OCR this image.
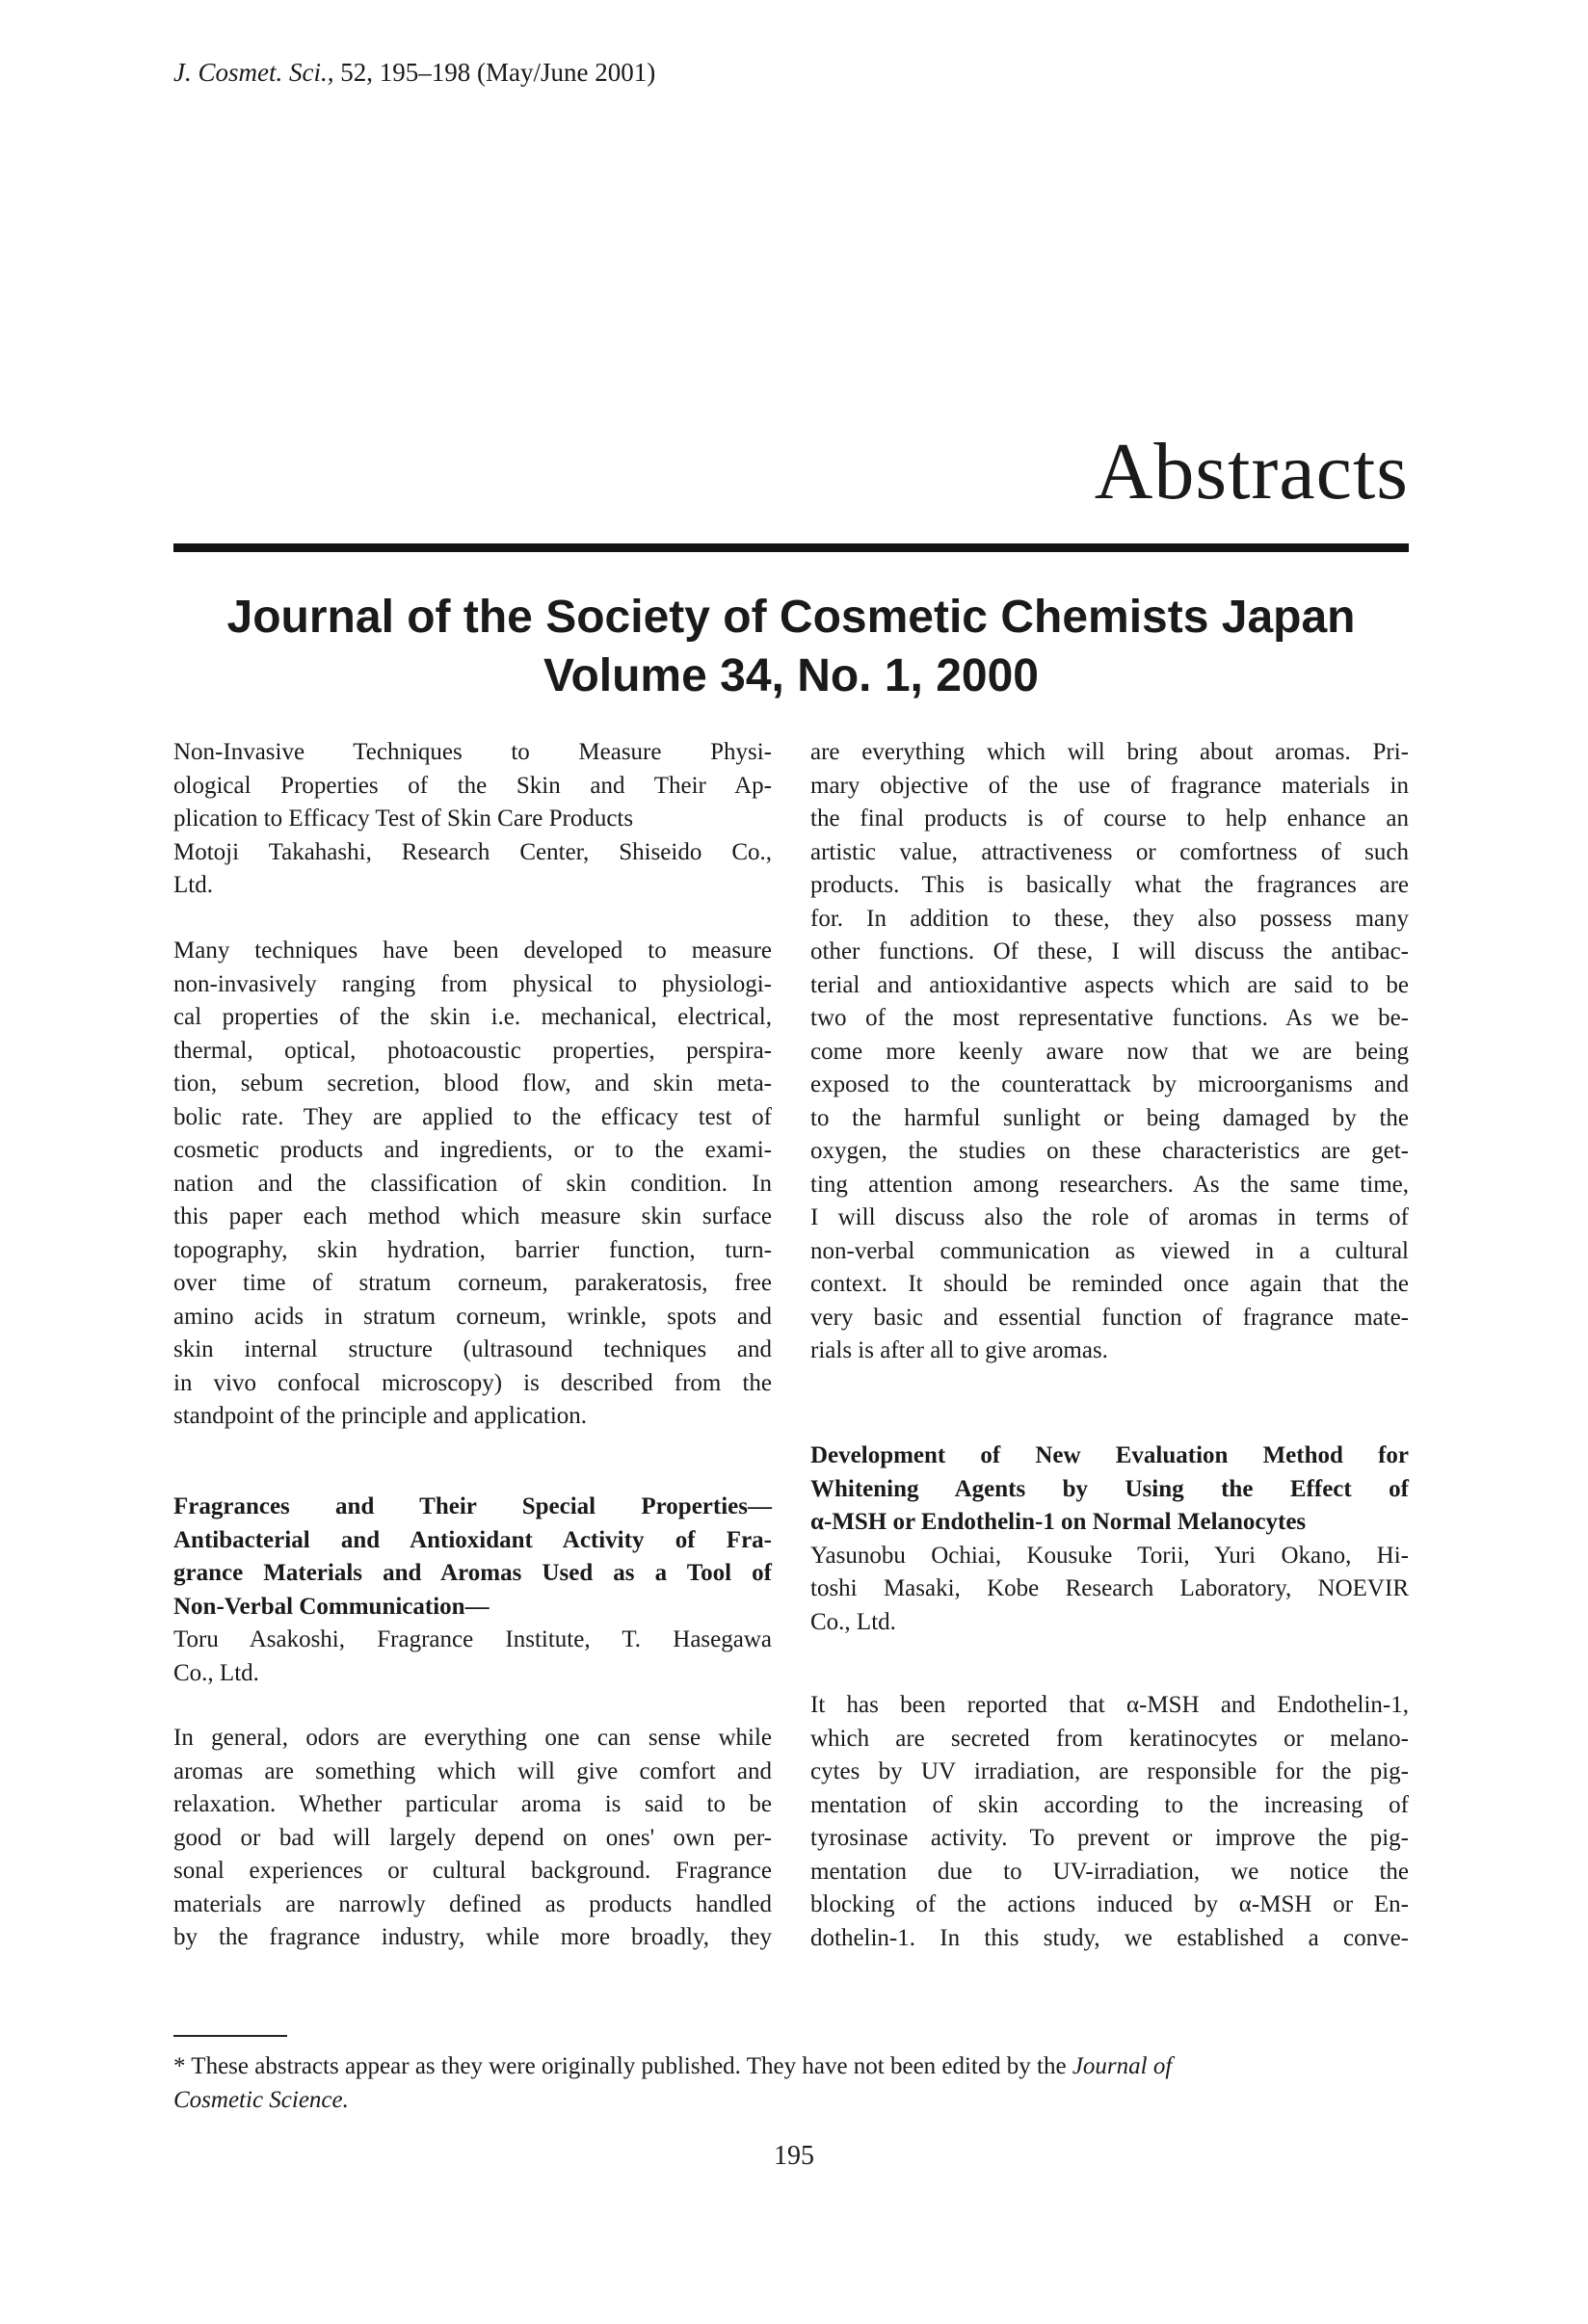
J. Cosmet. Sci., 52, 195–198 (May/June 2001)
Abstracts
Journal of the Society of Cosmetic Chemists Japan
Volume 34, No. 1, 2000
Non-Invasive Techniques to Measure Physi-
ological Properties of the Skin and Their Ap-
plication to Efficacy Test of Skin Care Products
Motoji Takahashi, Research Center, Shiseido Co.,
Ltd.
Many techniques have been developed to measure
non-invasively ranging from physical to physiologi-
cal properties of the skin i.e. mechanical, electrical,
thermal, optical, photoacoustic properties, perspira-
tion, sebum secretion, blood flow, and skin meta-
bolic rate. They are applied to the efficacy test of
cosmetic products and ingredients, or to the exami-
nation and the classification of skin condition. In
this paper each method which measure skin surface
topography, skin hydration, barrier function, turn-
over time of stratum corneum, parakeratosis, free
amino acids in stratum corneum, wrinkle, spots and
skin internal structure (ultrasound techniques and
in vivo confocal microscopy) is described from the
standpoint of the principle and application.
Fragrances and Their Special Properties—
Antibacterial and Antioxidant Activity of Fra-
grance Materials and Aromas Used as a Tool of
Non-Verbal Communication—
Toru Asakoshi, Fragrance Institute, T. Hasegawa
Co., Ltd.
In general, odors are everything one can sense while
aromas are something which will give comfort and
relaxation. Whether particular aroma is said to be
good or bad will largely depend on ones' own per-
sonal experiences or cultural background. Fragrance
materials are narrowly defined as products handled
by the fragrance industry, while more broadly, they
are everything which will bring about aromas. Pri-
mary objective of the use of fragrance materials in
the final products is of course to help enhance an
artistic value, attractiveness or comfortness of such
products. This is basically what the fragrances are
for. In addition to these, they also possess many
other functions. Of these, I will discuss the antibac-
terial and antioxidantive aspects which are said to be
two of the most representative functions. As we be-
come more keenly aware now that we are being
exposed to the counterattack by microorganisms and
to the harmful sunlight or being damaged by the
oxygen, the studies on these characteristics are get-
ting attention among researchers. As the same time,
I will discuss also the role of aromas in terms of
non-verbal communication as viewed in a cultural
context. It should be reminded once again that the
very basic and essential function of fragrance mate-
rials is after all to give aromas.
Development of New Evaluation Method for
Whitening Agents by Using the Effect of
α-MSH or Endothelin-1 on Normal Melanocytes
Yasunobu Ochiai, Kousuke Torii, Yuri Okano, Hi-
toshi Masaki, Kobe Research Laboratory, NOEVIR
Co., Ltd.
It has been reported that α-MSH and Endothelin-1,
which are secreted from keratinocytes or melano-
cytes by UV irradiation, are responsible for the pig-
mentation of skin according to the increasing of
tyrosinase activity. To prevent or improve the pig-
mentation due to UV-irradiation, we notice the
blocking of the actions induced by α-MSH or En-
dothelin-1. In this study, we established a conve-
* These abstracts appear as they were originally published. They have not been edited by the Journal of
Cosmetic Science.
195
